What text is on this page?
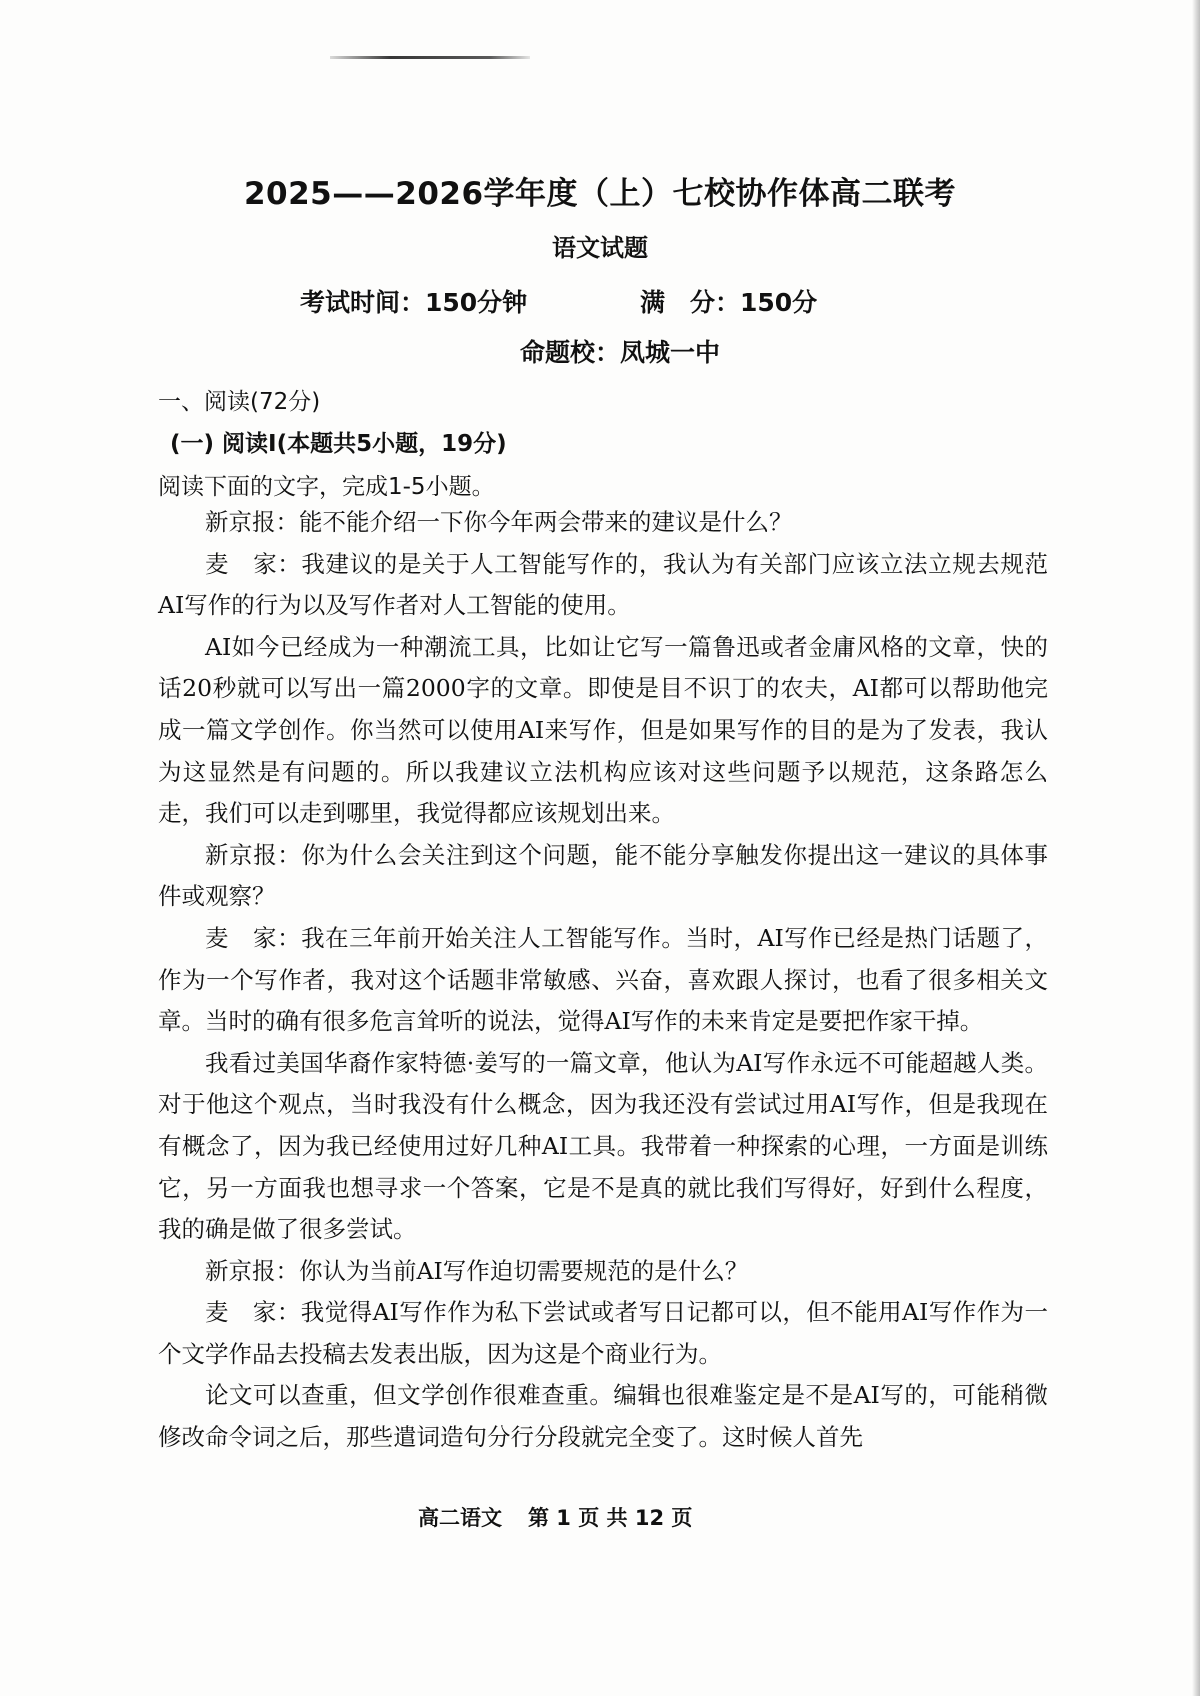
2025——2026学年度（上）七校协作体高二联考
语文试题
考试时间：150分钟	满　分：150分
命题校：凤城一中
一、阅读(72分)
(一) 阅读Ⅰ(本题共5小题，19分)
阅读下面的文字，完成1-5小题。

新京报：能不能介绍一下你今年两会带来的建议是什么？

麦　家：我建议的是关于人工智能写作的，我认为有关部门应该立法立规去规范AI写作的行为以及写作者对人工智能的使用。

AI如今已经成为一种潮流工具，比如让它写一篇鲁迅或者金庸风格的文章，快的话20秒就可以写出一篇2000字的文章。即使是目不识丁的农夫，AI都可以帮助他完成一篇文学创作。你当然可以使用AI来写作，但是如果写作的目的是为了发表，我认为这显然是有问题的。所以我建议立法机构应该对这些问题予以规范，这条路怎么走，我们可以走到哪里，我觉得都应该规划出来。

新京报：你为什么会关注到这个问题，能不能分享触发你提出这一建议的具体事件或观察？

麦　家：我在三年前开始关注人工智能写作。当时，AI写作已经是热门话题了，作为一个写作者，我对这个话题非常敏感、兴奋，喜欢跟人探讨，也看了很多相关文章。当时的确有很多危言耸听的说法，觉得AI写作的未来肯定是要把作家干掉。

我看过美国华裔作家特德·姜写的一篇文章，他认为AI写作永远不可能超越人类。对于他这个观点，当时我没有什么概念，因为我还没有尝试过用AI写作，但是我现在有概念了，因为我已经使用过好几种AI工具。我带着一种探索的心理，一方面是训练它，另一方面我也想寻求一个答案，它是不是真的就比我们写得好，好到什么程度，我的确是做了很多尝试。

新京报：你认为当前AI写作迫切需要规范的是什么？

麦　家：我觉得AI写作作为私下尝试或者写日记都可以，但不能用AI写作作为一个文学作品去投稿去发表出版，因为这是个商业行为。

论文可以查重，但文学创作很难查重。编辑也很难鉴定是不是AI写的，可能稍微修改命令词之后，那些遣词造句分行分段就完全变了。这时候人首先

高二语文 第 1 页 共 12 页
